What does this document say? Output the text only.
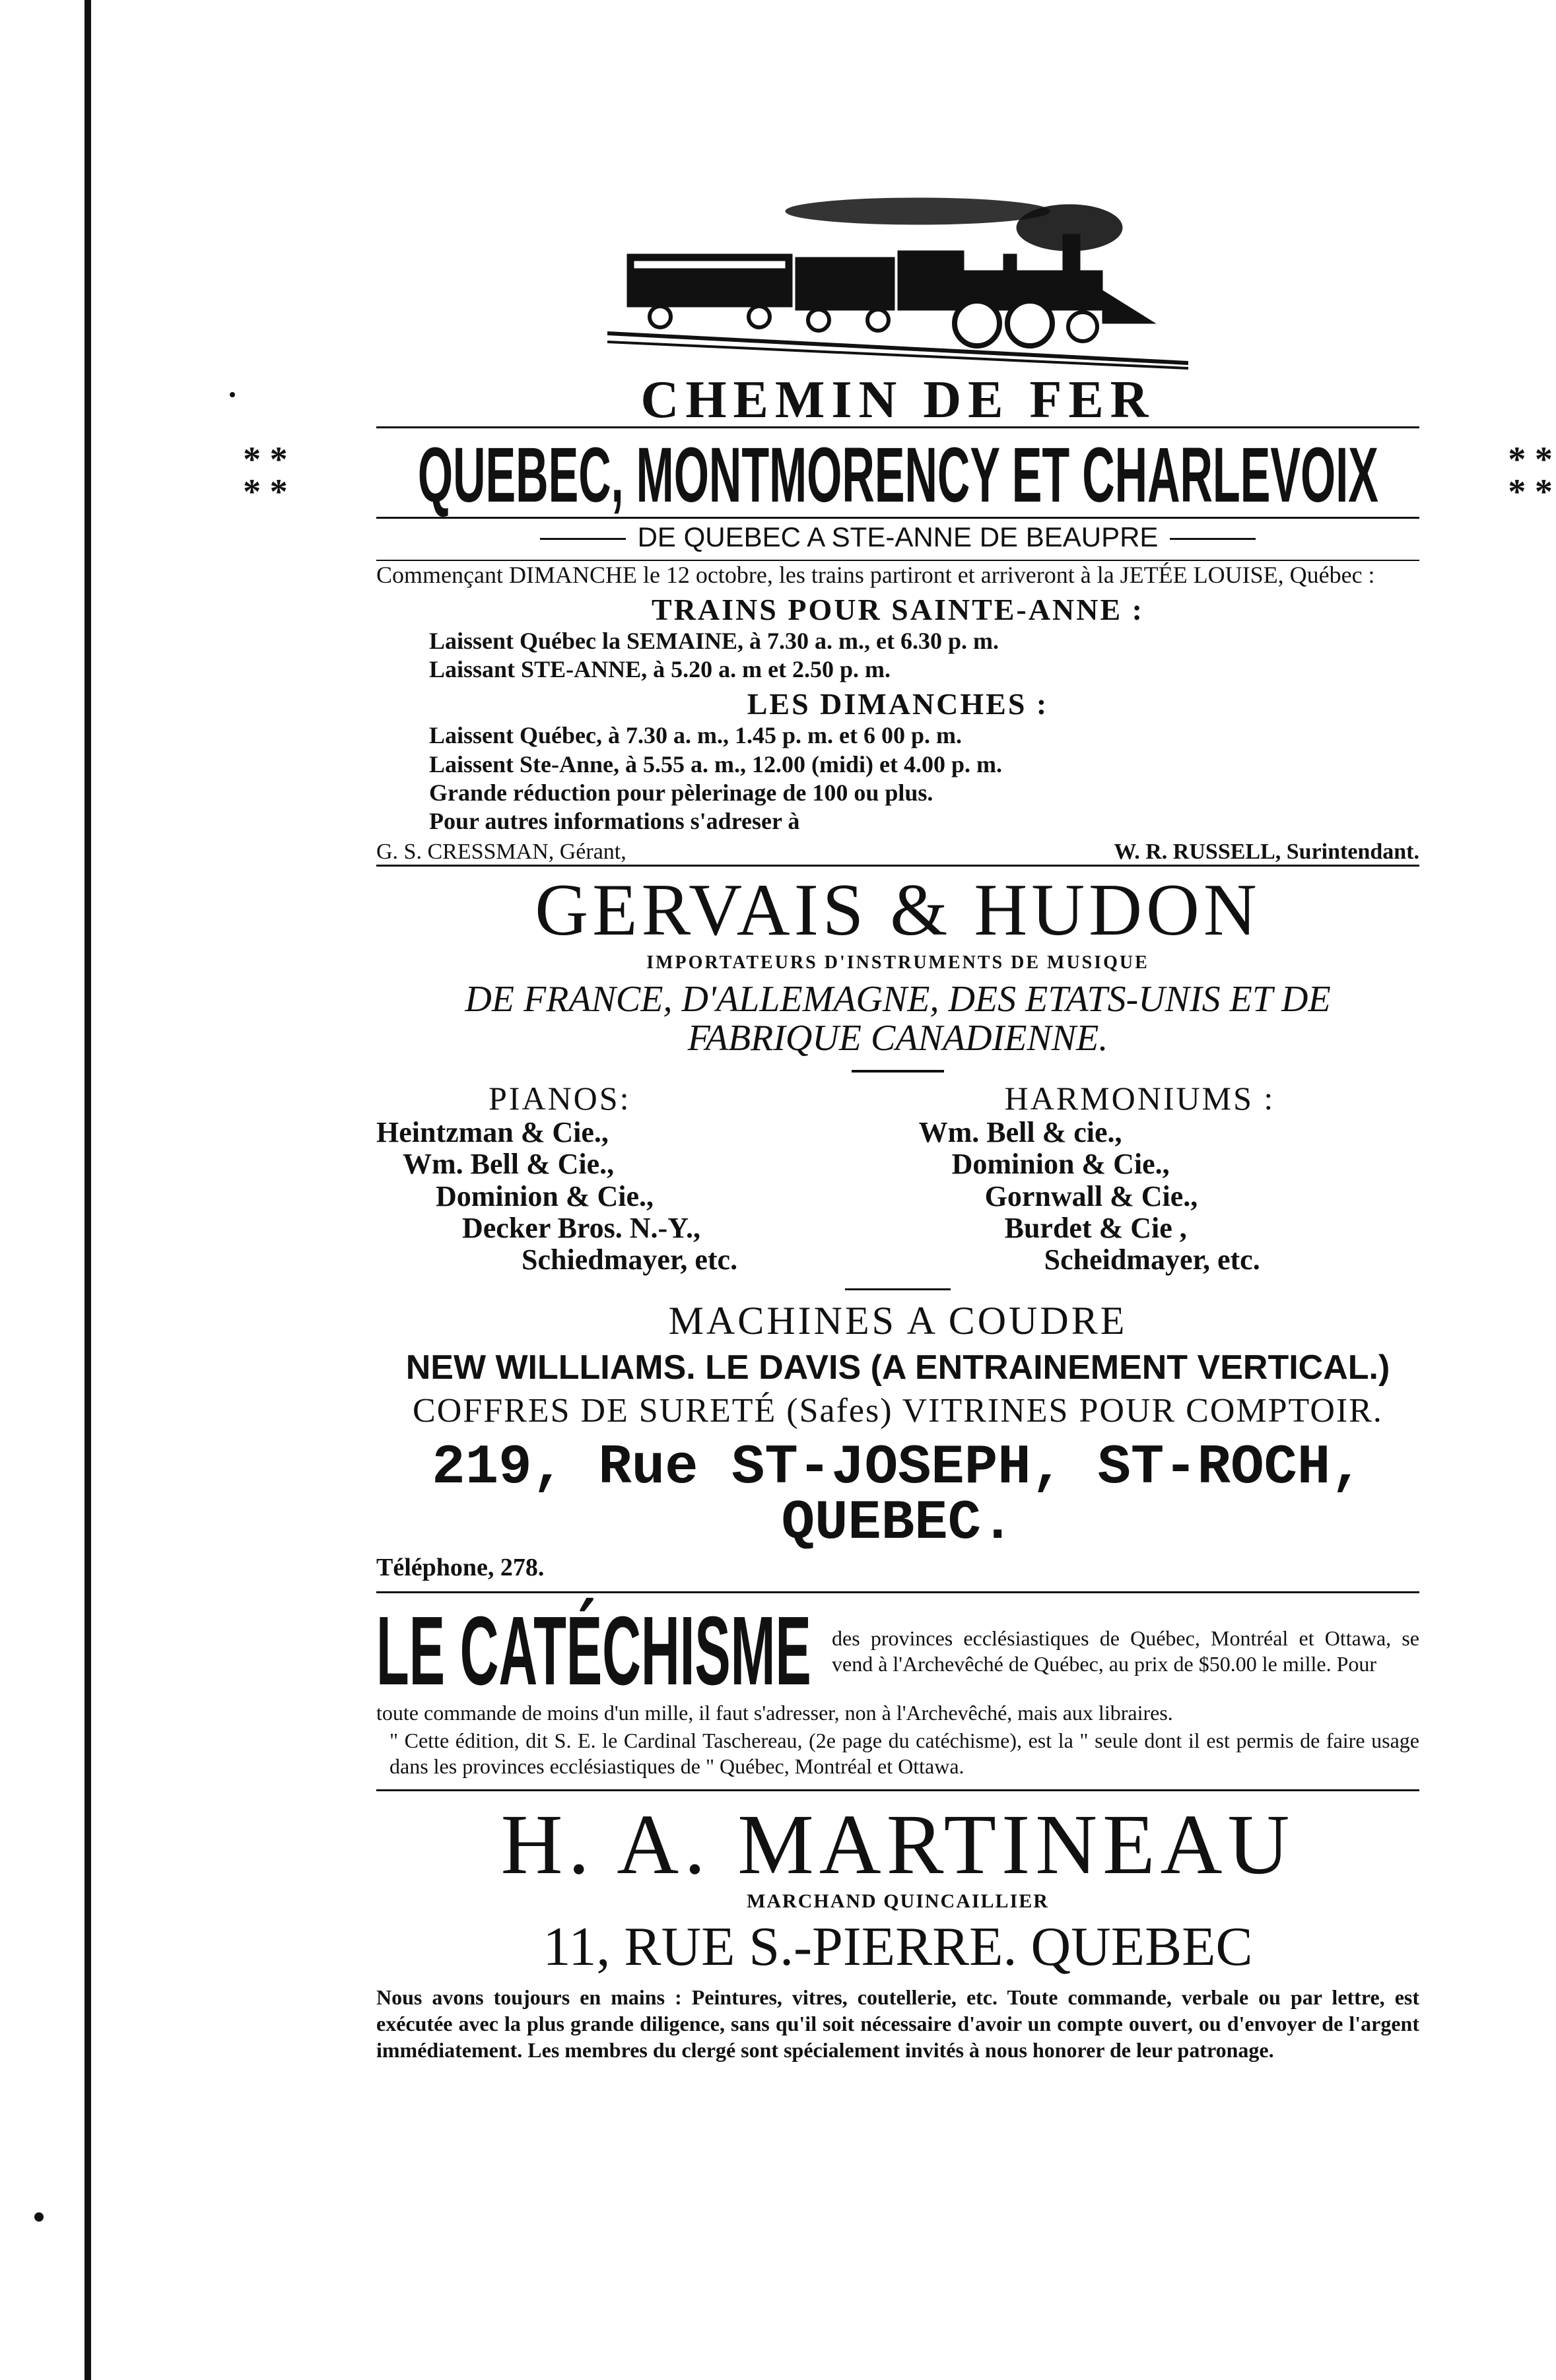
CHEMIN DE FER
* *
* * QUEBEC, MONTMORENCY ET CHARLEVOIX	* *
* *
DE QUEBEC A STE-ANNE DE BEAUPRE
Commençant DIMANCHE le 12 octobre, les trains partiront et arriveront à la JETÉE LOUISE, Québec :
TRAINS POUR SAINTE-ANNE :
Laissent Québec la SEMAINE, à 7.30 a. m., et 6.30 p. m.
Laissant STE-ANNE, à 5.20 a. m et 2.50 p. m.
LES DIMANCHES :
Laissent Québec, à 7.30 a. m., 1.45 p. m. et 6 00 p. m.
Laissent Ste-Anne, à 5.55 a. m., 12.00 (midi) et 4.00 p. m.
Grande réduction pour pèlerinage de 100 ou plus.
Pour autres informations s'adreser à
G. S. CRESSMAN, Gérant,	W. R. RUSSELL, Surintendant.
GERVAIS & HUDON
IMPORTATEURS D'INSTRUMENTS DE MUSIQUE
DE FRANCE, D'ALLEMAGNE, DES ETATS-UNIS ET DE FABRIQUE CANADIENNE.
PIANOS:
Heintzman & Cie.,
Wm. Bell & Cie.,
Dominion & Cie.,
Decker Bros. N.-Y.,
Schiedmayer, etc.
HARMONIUMS :
Wm. Bell & cie.,
Dominion & Cie.,
Gornwall & Cie.,
Burdet & Cie ,
Scheidmayer, etc.
MACHINES A COUDRE
NEW WILLLIAMS. LE DAVIS (A ENTRAINEMENT VERTICAL.)
COFFRES DE SURETÉ (Safes) VITRINES POUR COMPTOIR.
219, Rue ST-JOSEPH, ST-ROCH, QUEBEC.
Téléphone, 278.
LE CATÉCHISME des provinces ecclésiastiques de Québec, Montréal et Ottawa, se vend à l'Archevêché de Québec, au prix de $50.00 le mille. Pour
toute commande de moins d'un mille, il faut s'adresser, non à l'Archevêché, mais aux libraires.
" Cette édition, dit S. E. le Cardinal Taschereau, (2e page du catéchisme), est la " seule dont il est permis de faire usage dans les provinces ecclésiastiques de " Québec, Montréal et Ottawa.
H. A. MARTINEAU
MARCHAND QUINCAILLIER
11, RUE S.-PIERRE. QUEBEC
Nous avons toujours en mains : Peintures, vitres, coutellerie, etc. Toute commande, verbale ou par lettre, est exécutée avec la plus grande diligence, sans qu'il soit nécessaire d'avoir un compte ouvert, ou d'envoyer de l'argent immédiatement. Les membres du clergé sont spécialement invités à nous honorer de leur patronage.
